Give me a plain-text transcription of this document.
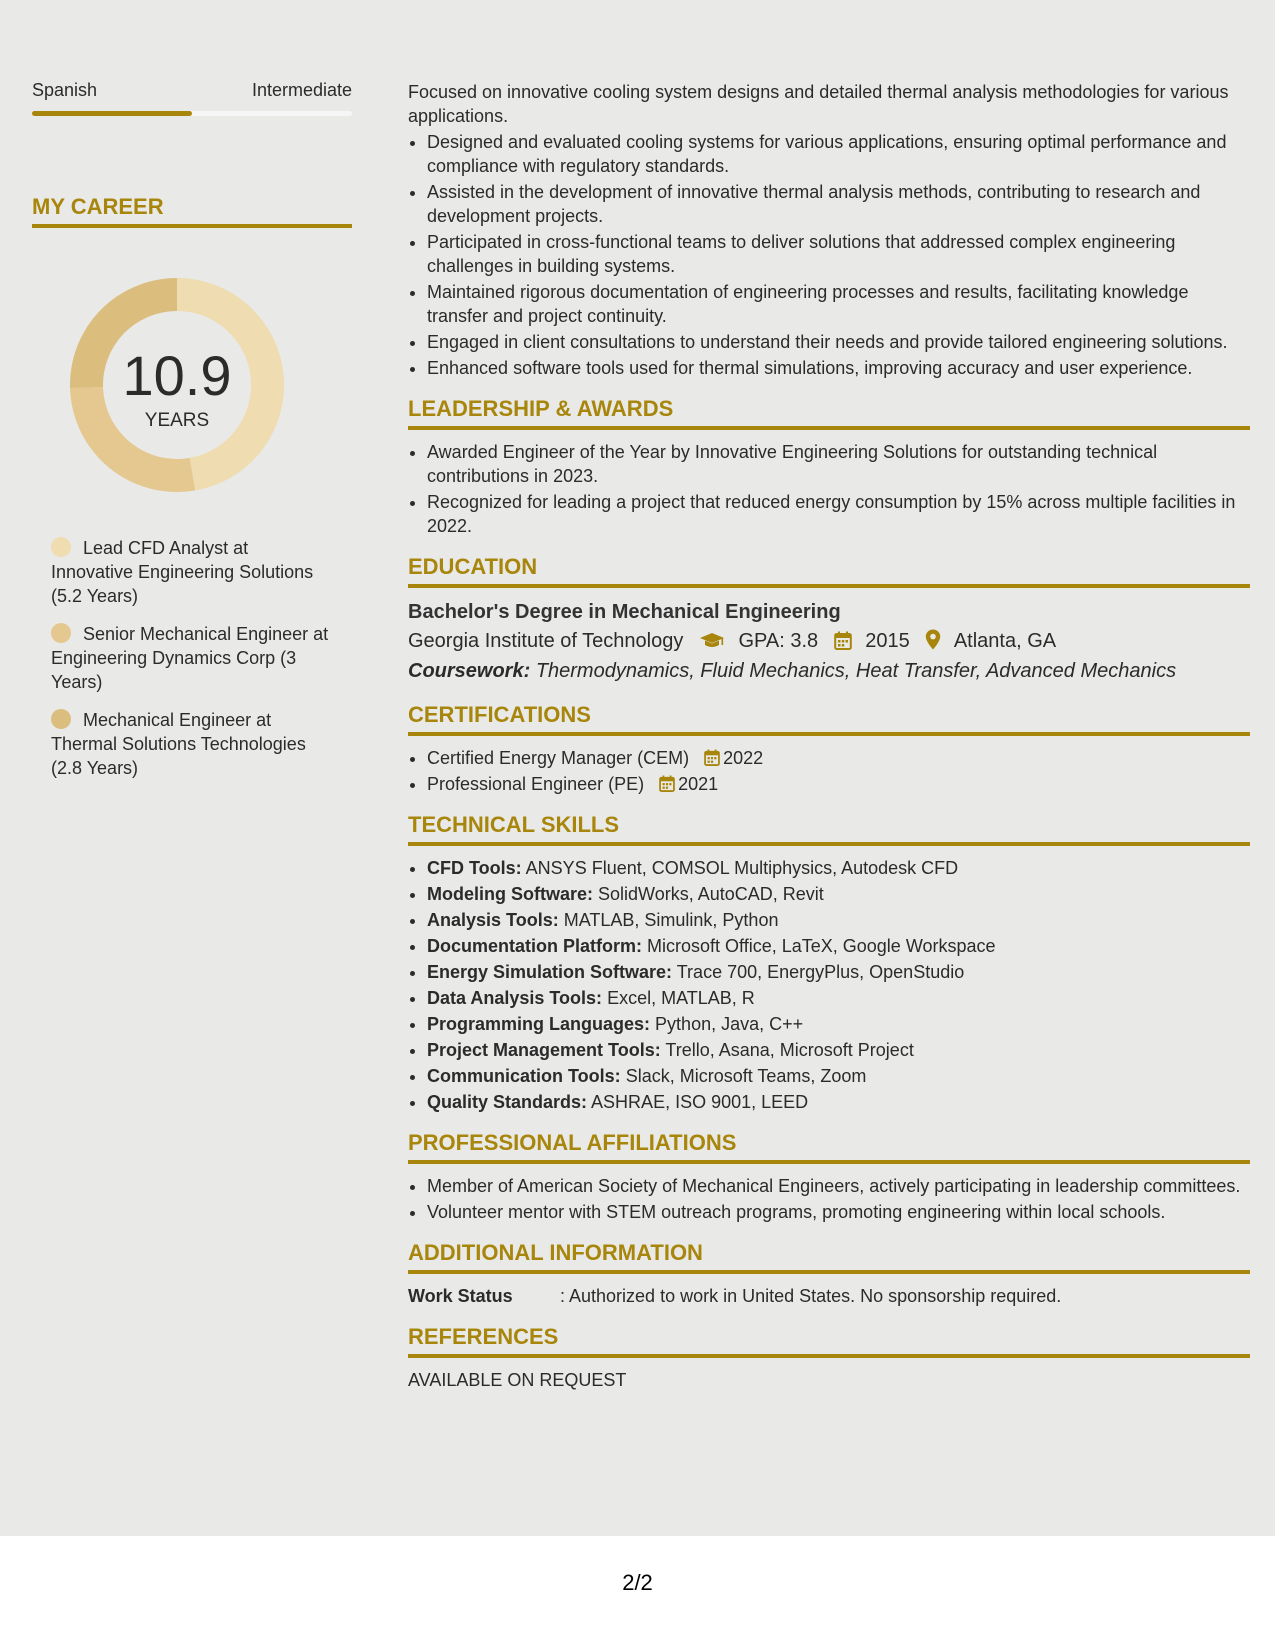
Spanish	Intermediate
MY CAREER
10.9
YEARS
Lead CFD Analyst at Innovative Engineering Solutions (5.2 Years)
Senior Mechanical Engineer at Engineering Dynamics Corp (3 Years)
Mechanical Engineer at Thermal Solutions Technologies (2.8 Years)

Focused on innovative cooling system designs and detailed thermal analysis methodologies for various applications.

• Designed and evaluated cooling systems for various applications, ensuring optimal performance and compliance with regulatory standards.
• Assisted in the development of innovative thermal analysis methods, contributing to research and development projects.
• Participated in cross-functional teams to deliver solutions that addressed complex engineering challenges in building systems.
• Maintained rigorous documentation of engineering processes and results, facilitating knowledge transfer and project continuity.
• Engaged in client consultations to understand their needs and provide tailored engineering solutions.
• Enhanced software tools used for thermal simulations, improving accuracy and user experience.
LEADERSHIP & AWARDS
• Awarded Engineer of the Year by Innovative Engineering Solutions for outstanding technical contributions in 2023.
• Recognized for leading a project that reduced energy consumption by 15% across multiple facilities in 2022.
EDUCATION
Bachelor's Degree in Mechanical Engineering
Georgia Institute of Technology	GPA: 3.8 2015 Atlanta, GA
Coursework: Thermodynamics, Fluid Mechanics, Heat Transfer, Advanced Mechanics
CERTIFICATIONS
• Certified Energy Manager (CEM) 2022
• Professional Engineer (PE) 2021
TECHNICAL SKILLS
• CFD Tools: ANSYS Fluent, COMSOL Multiphysics, Autodesk CFD
• Modeling Software: SolidWorks, AutoCAD, Revit
• Analysis Tools: MATLAB, Simulink, Python
• Documentation Platform: Microsoft Office, LaTeX, Google Workspace
• Energy Simulation Software: Trace 700, EnergyPlus, OpenStudio
• Data Analysis Tools: Excel, MATLAB, R
• Programming Languages: Python, Java, C++
• Project Management Tools: Trello, Asana, Microsoft Project
• Communication Tools: Slack, Microsoft Teams, Zoom
• Quality Standards: ASHRAE, ISO 9001, LEED
PROFESSIONAL AFFILIATIONS
• Member of American Society of Mechanical Engineers, actively participating in leadership committees.
• Volunteer mentor with STEM outreach programs, promoting engineering within local schools.
ADDITIONAL INFORMATION
Work Status	: Authorized to work in United States. No sponsorship required.
REFERENCES
AVAILABLE ON REQUEST
2/2
